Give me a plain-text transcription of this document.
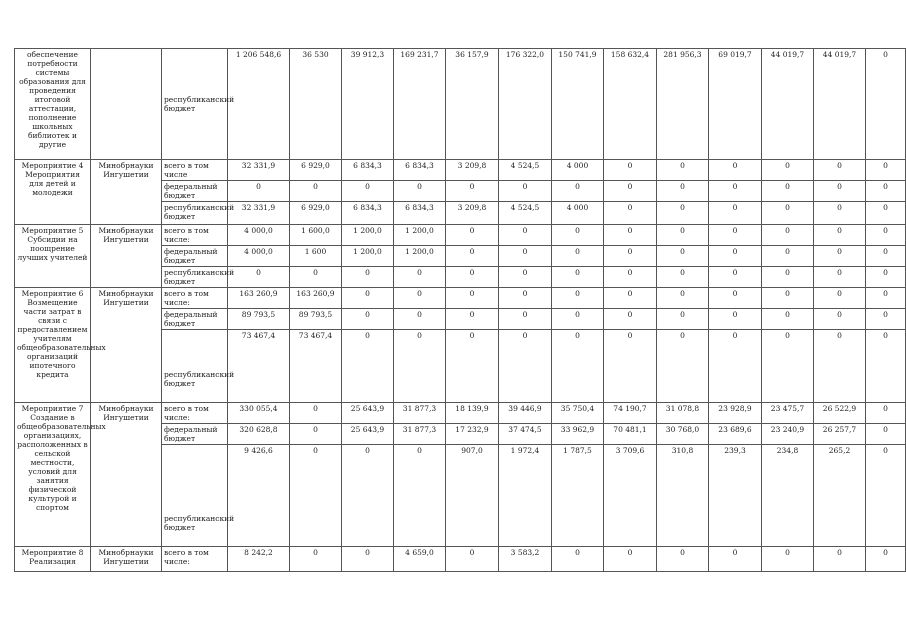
обеспечение потребности системы образования для проведения итоговой аттестации, пополнение школьных библиотек и другие		республиканский бюджет	1 206 548,6	36 530	39 912,3	169 231,7	36 157,9	176 322,0	150 741,9	158 632,4	281 956,3	69 019,7	44 019,7	44 019,7	0
Мероприятие 4 Мероприятия для детей и молодежи	Минобрнауки Ингушетии	всего в том числе	32 331,9	6 929,0	6 834,3	6 834,3	3 209,8	4 524,5	4 000	0	0	0	0	0	0
		федеральный бюджет	0	0	0	0	0	0	0	0	0	0	0	0	0
		республиканский бюджет	32 331,9	6 929,0	6 834,3	6 834,3	3 209,8	4 524,5	4 000	0	0	0	0	0	0
Мероприятие 5 Субсидии на поощрение лучших учителей	Минобрнауки Ингушетии	всего в том числе:	4 000,0	1 600,0	1 200,0	1 200,0	0	0	0	0	0	0	0	0	0
		федеральный бюджет	4 000,0	1 600	1 200,0	1 200,0	0	0	0	0	0	0	0	0	0
		республиканский бюджет	0	0	0	0	0	0	0	0	0	0	0	0	0
Мероприятие 6 Возмещение части затрат в связи с предоставлением учителям общеобразовательных организаций ипотечного кредита	Минобрнауки Ингушетии	всего в том числе:	163 260,9	163 260,9	0	0	0	0	0	0	0	0	0	0	0
		федеральный бюджет	89 793,5	89 793,5	0	0	0	0	0	0	0	0	0	0	0
		республиканский бюджет	73 467,4	73 467,4	0	0	0	0	0	0	0	0	0	0	0
Мероприятие 7 Создание в общеобразовательных организациях, расположенных в сельской местности, условий для занятия физической культурой и спортом	Минобрнауки Ингушетии	всего в том числе:	330 055,4	0	25 643,9	31 877,3	18 139,9	39 446,9	35 750,4	74 190,7	31 078,8	23 928,9	23 475,7	26 522,9	0
		федеральный бюджет	320 628,8	0	25 643,9	31 877,3	17 232,9	37 474,5	33 962,9	70 481,1	30 768,0	23 689,6	23 240,9	26 257,7	0
		республиканский бюджет	9 426,6	0	0	0	907,0	1 972,4	1 787,5	3 709,6	310,8	239,3	234,8	265,2	0
Мероприятие 8 Реализация	Минобрнауки Ингушетии	всего в том числе:	8 242,2	0	0	4 659,0	0	3 583,2	0	0	0	0	0	0	0
